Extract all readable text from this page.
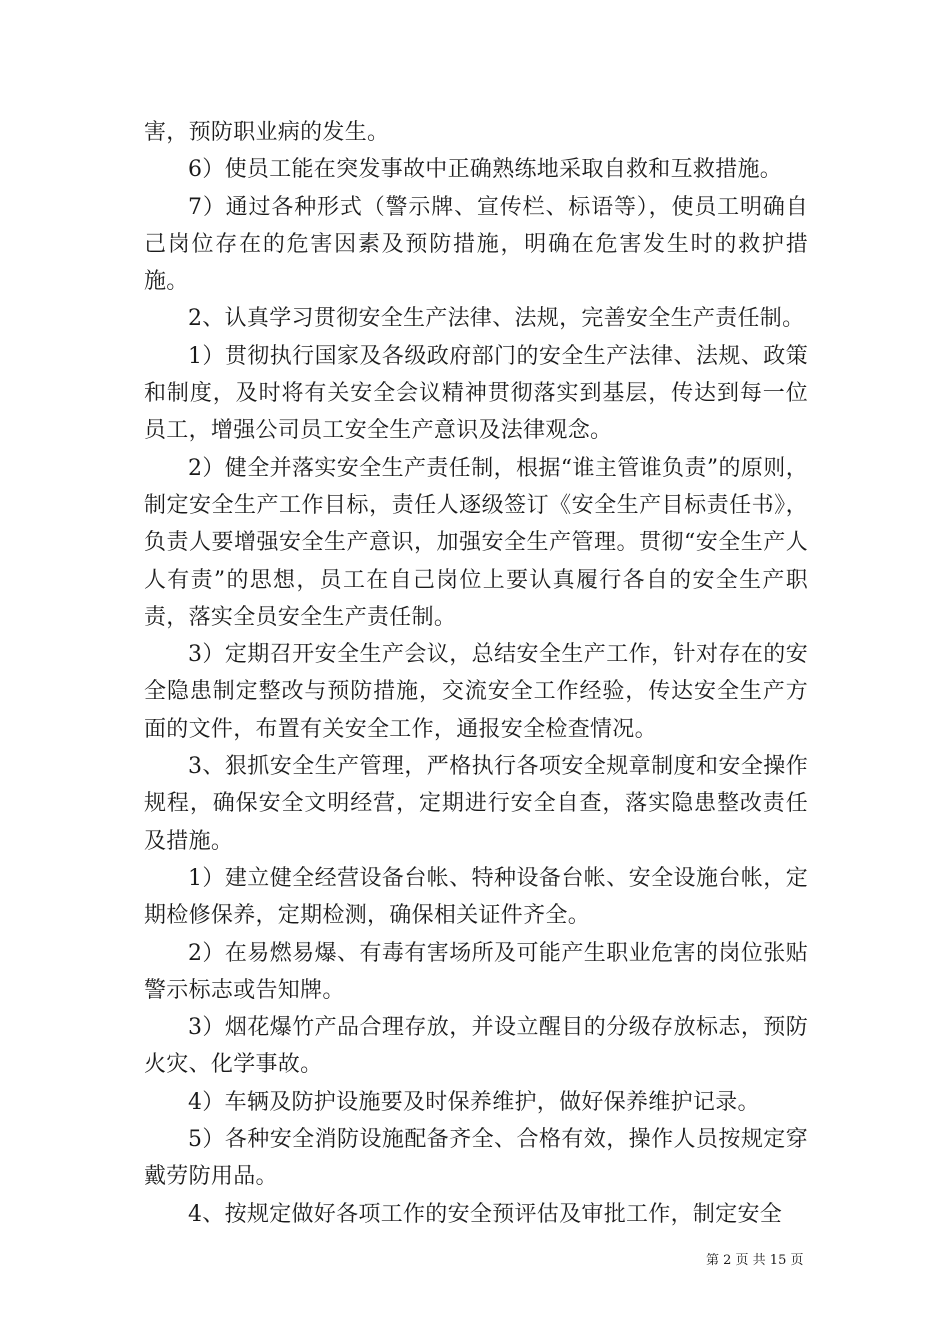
害，预防职业病的发生。

6）使员工能在突发事故中正确熟练地采取自救和互救措施。

7）通过各种形式（警示牌、宣传栏、标语等），使员工明确自己岗位存在的危害因素及预防措施，明确在危害发生时的救护措施。

2、认真学习贯彻安全生产法律、法规，完善安全生产责任制。

1）贯彻执行国家及各级政府部门的安全生产法律、法规、政策和制度，及时将有关安全会议精神贯彻落实到基层，传达到每一位员工，增强公司员工安全生产意识及法律观念。

2）健全并落实安全生产责任制，根据“谁主管谁负责”的原则，制定安全生产工作目标，责任人逐级签订《安全生产目标责任书》，负责人要增强安全生产意识，加强安全生产管理。贯彻“安全生产人人有责”的思想，员工在自己岗位上要认真履行各自的安全生产职责，落实全员安全生产责任制。

3）定期召开安全生产会议，总结安全生产工作，针对存在的安全隐患制定整改与预防措施，交流安全工作经验，传达安全生产方面的文件，布置有关安全工作，通报安全检查情况。

3、狠抓安全生产管理，严格执行各项安全规章制度和安全操作规程，确保安全文明经营，定期进行安全自查，落实隐患整改责任及措施。

1）建立健全经营设备台帐、特种设备台帐、安全设施台帐，定期检修保养，定期检测，确保相关证件齐全。

2）在易燃易爆、有毒有害场所及可能产生职业危害的岗位张贴警示标志或告知牌。

3）烟花爆竹产品合理存放，并设立醒目的分级存放标志，预防火灾、化学事故。

4）车辆及防护设施要及时保养维护，做好保养维护记录。

5）各种安全消防设施配备齐全、合格有效，操作人员按规定穿戴劳防用品。

4、按规定做好各项工作的安全预评估及审批工作，制定安全

第 2 页 共 15 页
